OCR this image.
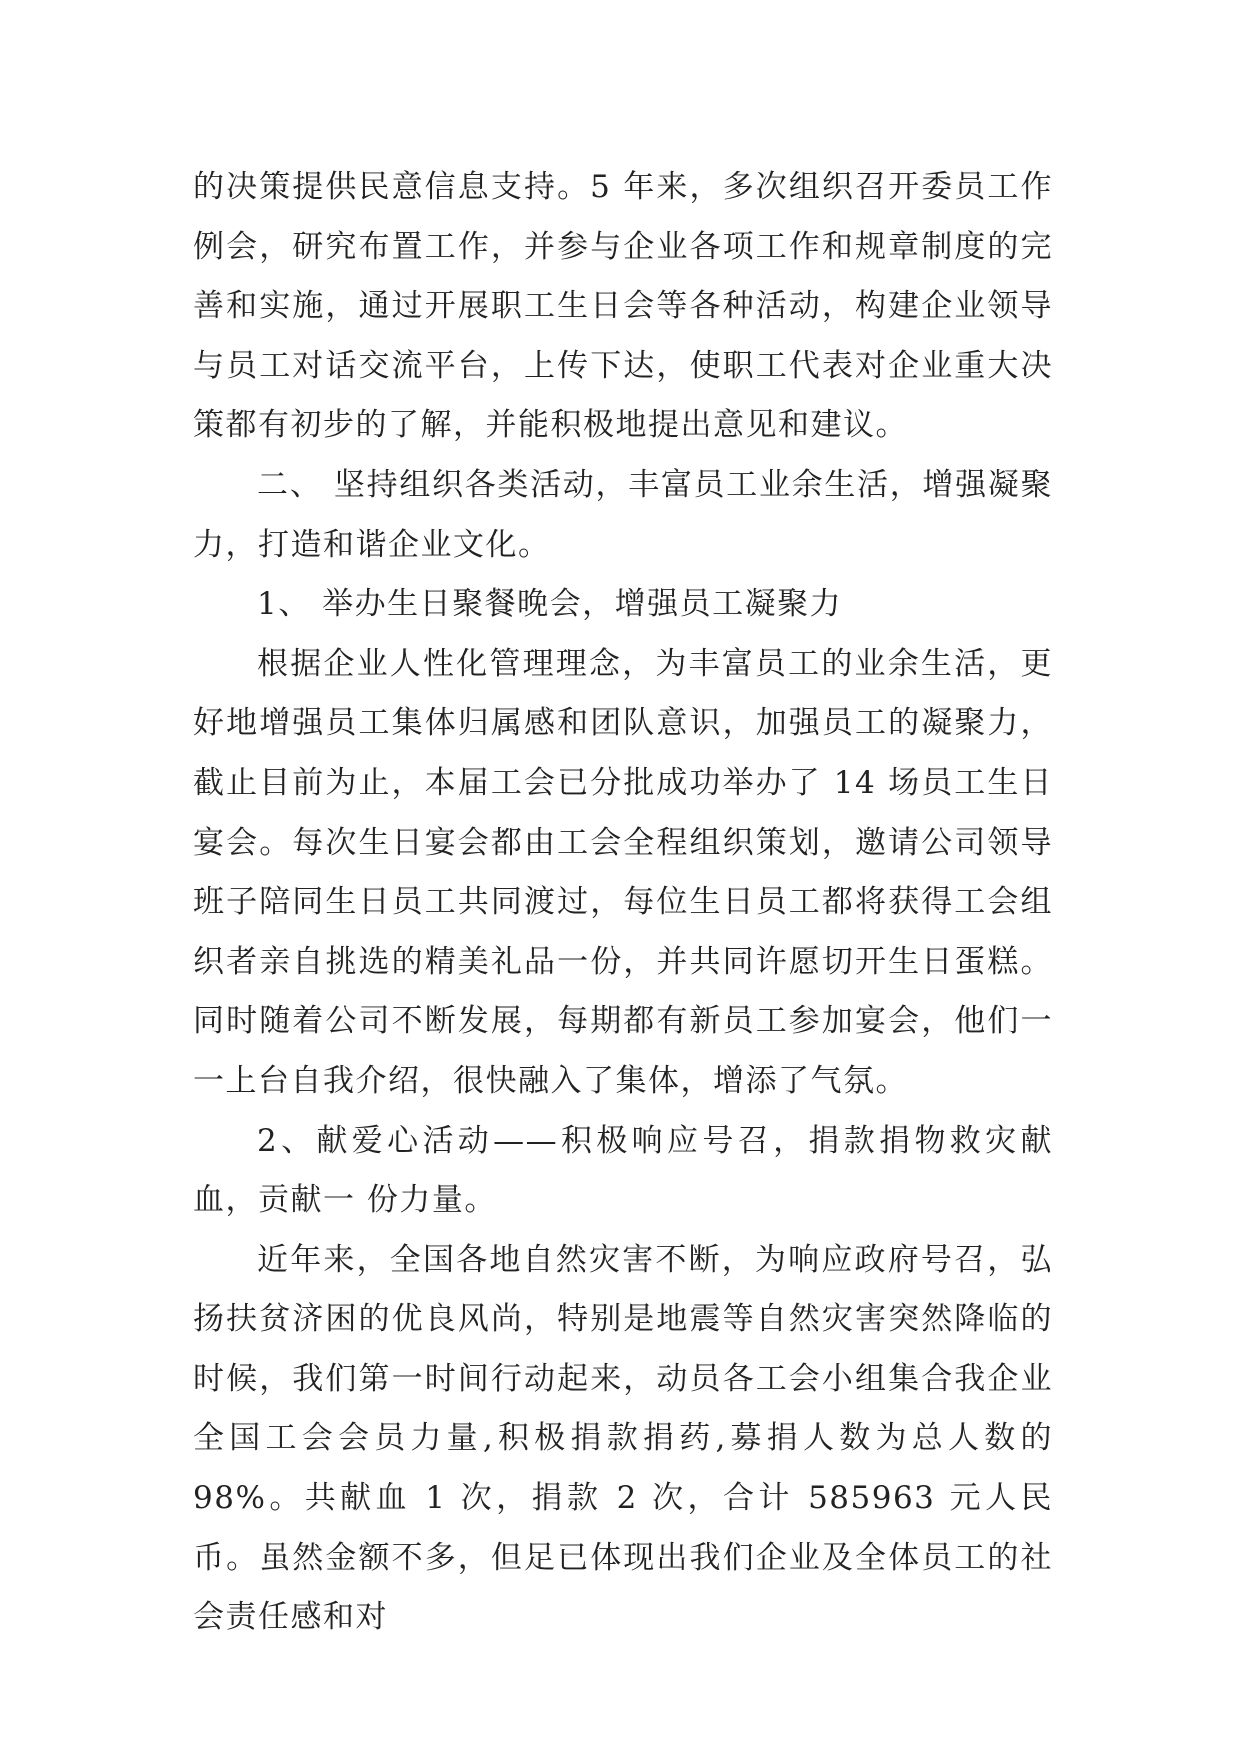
的决策提供民意信息支持。5 年来，多次组织召开委员工作例会，研究布置工作，并参与企业各项工作和规章制度的完善和实施，通过开展职工生日会等各种活动，构建企业领导与员工对话交流平台，上传下达，使职工代表对企业重大决策都有初步的了解，并能积极地提出意见和建议。

二、 坚持组织各类活动，丰富员工业余生活，增强凝聚力，打造和谐企业文化。

1、 举办生日聚餐晚会，增强员工凝聚力

根据企业人性化管理理念，为丰富员工的业余生活，更好地增强员工集体归属感和团队意识，加强员工的凝聚力，截止目前为止，本届工会已分批成功举办了 14 场员工生日宴会。每次生日宴会都由工会全程组织策划，邀请公司领导班子陪同生日员工共同渡过，每位生日员工都将获得工会组织者亲自挑选的精美礼品一份，并共同许愿切开生日蛋糕。同时随着公司不断发展，每期都有新员工参加宴会，他们一一上台自我介绍，很快融入了集体，增添了气氛。

2、献爱心活动——积极响应号召，捐款捐物救灾献血，贡献一 份力量。

近年来，全国各地自然灾害不断，为响应政府号召，弘扬扶贫济困的优良风尚，特别是地震等自然灾害突然降临的时候，我们第一时间行动起来，动员各工会小组集合我企业全国工会会员力量,积极捐款捐药,募捐人数为总人数的98%。共献血 1 次，捐款 2 次，合计 585963 元人民币。虽然金额不多，但足已体现出我们企业及全体员工的社会责任感和对
